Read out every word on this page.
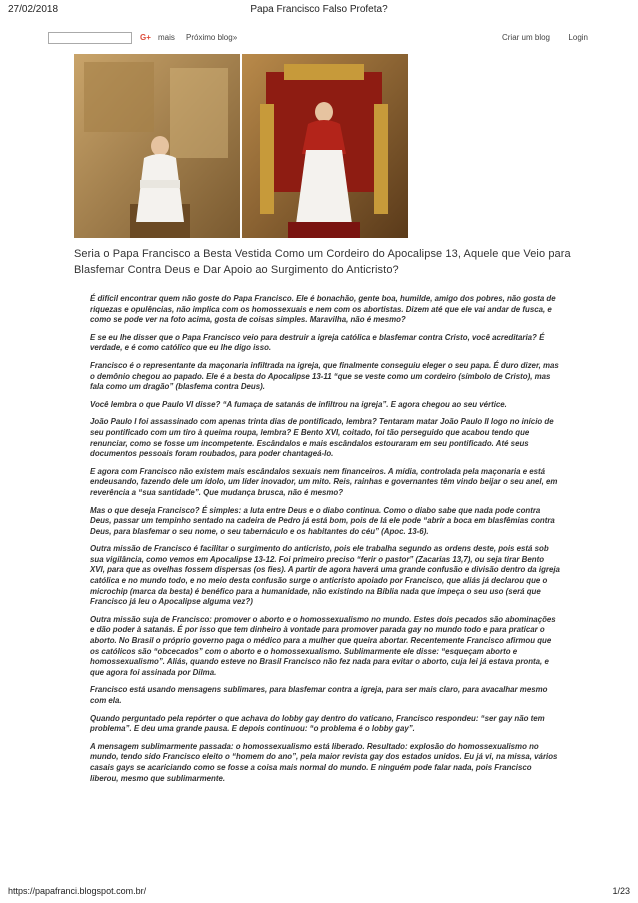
27/02/2018	Papa Francisco Falso Profeta?
G+ mais Próximo blog»	Criar um blog Login
Seria o Papa Francisco a Besta Vestida Como um Cordeiro do Apocalipse 13, Aquele que Veio para Blasfemar Contra Deus e Dar Apoio ao Surgimento do Anticristo?

É difícil encontrar quem não goste do Papa Francisco. Ele é bonachão, gente boa, humilde, amigo dos pobres, não gosta de riquezas e opulências, não implica com os homossexuais e nem com os abortistas. Dizem até que ele vai andar de fusca, e como se pode ver na foto acima, gosta de coisas simples. Maravilha, não é mesmo?

E se eu lhe disser que o Papa Francisco veio para destruir a igreja católica e blasfemar contra Cristo, você acreditaria? É verdade, e é como católico que eu lhe digo isso.

Francisco é o representante da maçonaria infiltrada na igreja, que finalmente conseguiu eleger o seu papa. É duro dizer, mas o demônio chegou ao papado. Ele é a besta do Apocalipse 13-11 “que se veste como um cordeiro (símbolo de Cristo), mas fala como um dragão” (blasfema contra Deus).

Você lembra o que Paulo VI disse? “A fumaça de satanás de infiltrou na igreja”. E agora chegou ao seu vértice.

João Paulo I foi assassinado com apenas trinta dias de pontificado, lembra? Tentaram matar João Paulo II logo no início de seu pontificado com um tiro à queima roupa, lembra? E Bento XVI, coitado, foi tão perseguido que acabou tendo que renunciar, como se fosse um incompetente. Escândalos e mais escândalos estouraram em seu pontificado. Até seus documentos pessoais foram roubados, para poder chantageá-lo.

E agora com Francisco não existem mais escândalos sexuais nem financeiros. A mídia, controlada pela maçonaria e está endeusando, fazendo dele um ídolo, um líder inovador, um mito. Reis, rainhas e governantes têm vindo beijar o seu anel, em reverência a “sua santidade”. Que mudança brusca, não é mesmo?

Mas o que deseja Francisco? É simples: a luta entre Deus e o diabo continua. Como o diabo sabe que nada pode contra Deus, passar um tempinho sentado na cadeira de Pedro já está bom, pois de lá ele pode “abrir a boca em blasfêmias contra Deus, para blasfemar o seu nome, o seu tabernáculo e os habitantes do céu” (Apoc. 13-6).

Outra missão de Francisco é facilitar o surgimento do anticristo, pois ele trabalha segundo as ordens deste, pois está sob sua vigilância, como vemos em Apocalipse 13-12. Foi primeiro preciso “ferir o pastor” (Zacarias 13,7), ou seja tirar Bento XVI, para que as ovelhas fossem dispersas (os fies). A partir de agora haverá uma grande confusão e divisão dentro da igreja católica e no mundo todo, e no meio desta confusão surge o anticristo apoiado por Francisco, que aliás já declarou que o microchip (marca da besta) é benéfico para a humanidade, não existindo na Bíblia nada que impeça o seu uso (será que Francisco já leu o Apocalipse alguma vez?)

Outra missão suja de Francisco: promover o aborto e o homossexualismo no mundo. Estes dois pecados são abominações e dão poder à satanás. É por isso que tem dinheiro à vontade para promover parada gay no mundo todo e para praticar o aborto. No Brasil o próprio governo paga o médico para a mulher que queira abortar. Recentemente Francisco afirmou que os católicos são “obcecados” com o aborto e o homossexualismo. Sublimarmente ele disse: “esqueçam aborto e homossexualismo”. Aliás, quando esteve no Brasil Francisco não fez nada para evitar o aborto, cuja lei já estava pronta, e que agora foi assinada por Dilma.

Francisco está usando mensagens sublimares, para blasfemar contra a igreja, para ser mais claro, para avacalhar mesmo com ela.

Quando perguntado pela repórter o que achava do lobby gay dentro do vaticano, Francisco respondeu: “ser gay não tem problema”. E deu uma grande pausa. E depois continuou: “o problema é o lobby gay”.

A mensagem sublimarmente passada: o homossexualismo está liberado. Resultado: explosão do homossexualismo no mundo, tendo sido Francisco eleito o “homem do ano”, pela maior revista gay dos estados unidos. Eu já vi, na missa, vários casais gays se acariciando como se fosse a coisa mais normal do mundo. E ninguém pode falar nada, pois Francisco liberou, mesmo que sublimarmente.

https://papafranci.blogspot.com.br/	1/23
